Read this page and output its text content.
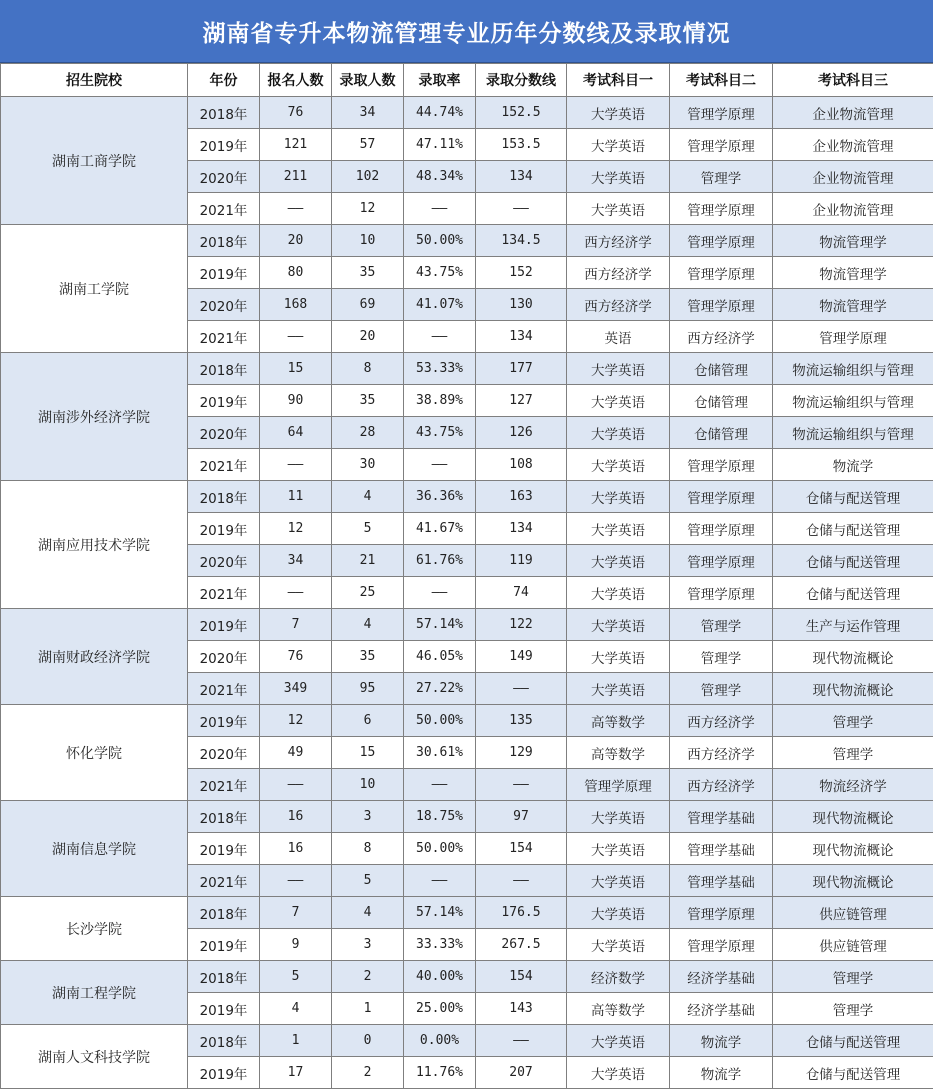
湖南省专升本物流管理专业历年分数线及录取情况
招生院校	年份	报名人数	录取人数	录取率	录取分数线	考试科目一	考试科目二	考试科目三
湖南工商学院	2018年	76	34	44.74%	152.5	大学英语	管理学原理	企业物流管理
	2019年	121	57	47.11%	153.5	大学英语	管理学原理	企业物流管理
	2020年	211	102	48.34%	134	大学英语	管理学	企业物流管理
	2021年	——	12	——	——	大学英语	管理学原理	企业物流管理
湖南工学院	2018年	20	10	50.00%	134.5	西方经济学	管理学原理	物流管理学
	2019年	80	35	43.75%	152	西方经济学	管理学原理	物流管理学
	2020年	168	69	41.07%	130	西方经济学	管理学原理	物流管理学
	2021年	——	20	——	134	英语	西方经济学	管理学原理
湖南涉外经济学院	2018年	15	8	53.33%	177	大学英语	仓储管理	物流运输组织与管理
	2019年	90	35	38.89%	127	大学英语	仓储管理	物流运输组织与管理
	2020年	64	28	43.75%	126	大学英语	仓储管理	物流运输组织与管理
	2021年	——	30	——	108	大学英语	管理学原理	物流学
湖南应用技术学院	2018年	11	4	36.36%	163	大学英语	管理学原理	仓储与配送管理
	2019年	12	5	41.67%	134	大学英语	管理学原理	仓储与配送管理
	2020年	34	21	61.76%	119	大学英语	管理学原理	仓储与配送管理
	2021年	——	25	——	74	大学英语	管理学原理	仓储与配送管理
湖南财政经济学院	2019年	7	4	57.14%	122	大学英语	管理学	生产与运作管理
	2020年	76	35	46.05%	149	大学英语	管理学	现代物流概论
	2021年	349	95	27.22%	——	大学英语	管理学	现代物流概论
怀化学院	2019年	12	6	50.00%	135	高等数学	西方经济学	管理学
	2020年	49	15	30.61%	129	高等数学	西方经济学	管理学
	2021年	——	10	——	——	管理学原理	西方经济学	物流经济学
湖南信息学院	2018年	16	3	18.75%	97	大学英语	管理学基础	现代物流概论
	2019年	16	8	50.00%	154	大学英语	管理学基础	现代物流概论
	2021年	——	5	——	——	大学英语	管理学基础	现代物流概论
长沙学院	2018年	7	4	57.14%	176.5	大学英语	管理学原理	供应链管理
	2019年	9	3	33.33%	267.5	大学英语	管理学原理	供应链管理
湖南工程学院	2018年	5	2	40.00%	154	经济数学	经济学基础	管理学
	2019年	4	1	25.00%	143	高等数学	经济学基础	管理学
湖南人文科技学院	2018年	1	0	0.00%	——	大学英语	物流学	仓储与配送管理
	2019年	17	2	11.76%	207	大学英语	物流学	仓储与配送管理
